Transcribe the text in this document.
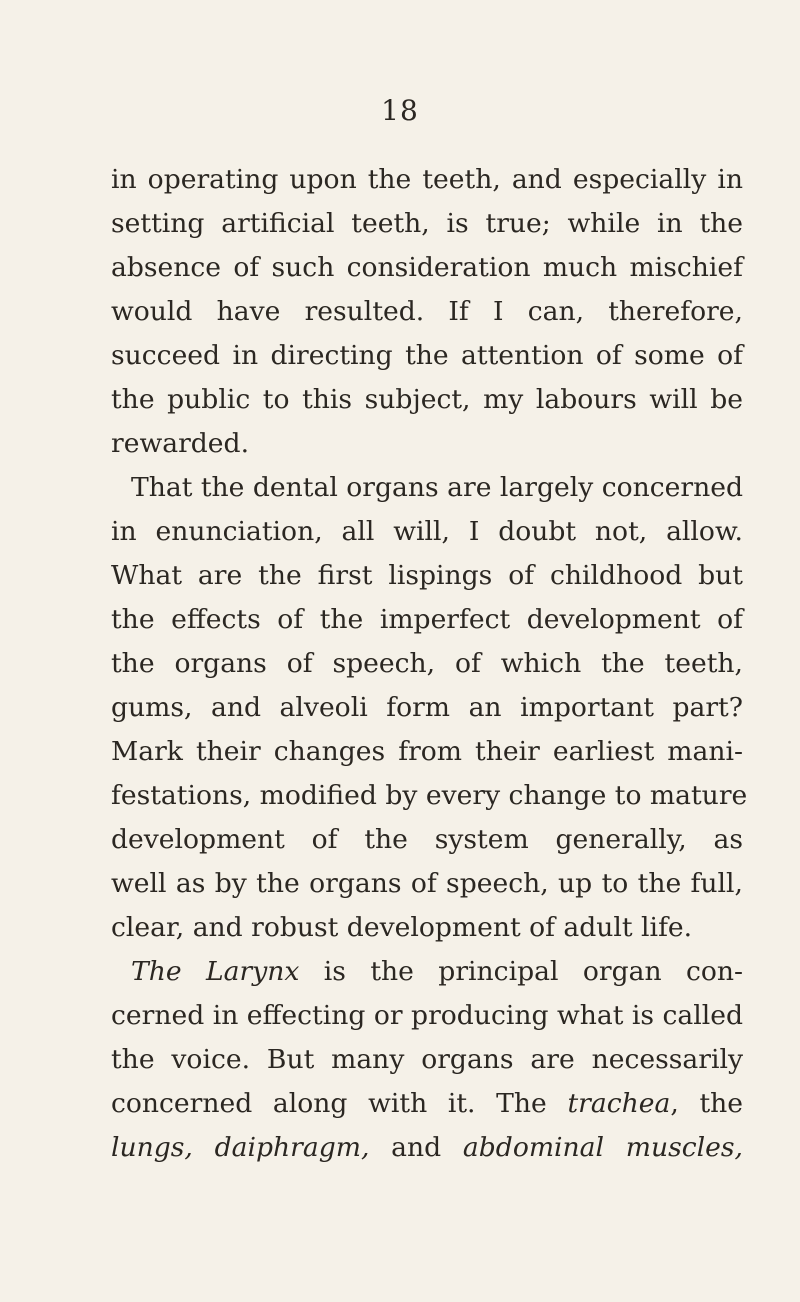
18
in operating upon the teeth, and especially in
setting artificial teeth, is true; while in the
absence of such consideration much mischief
would have resulted. If I can, therefore,
succeed in directing the attention of some of
the public to this subject, my labours will be
rewarded.
That the dental organs are largely concerned
in enunciation, all will, I doubt not, allow.
What are the first lispings of childhood but
the effects of the imperfect development of
the organs of speech, of which the teeth,
gums, and alveoli form an important part?
Mark their changes from their earliest mani-
festations, modified by every change to mature
development of the system generally, as
well as by the organs of speech, up to the full,
clear, and robust development of adult life.
The Larynx is the principal organ con-
cerned in effecting or producing what is called
the voice. But many organs are necessarily
concerned along with it. The trachea, the
lungs, daiphragm, and abdominal muscles,
